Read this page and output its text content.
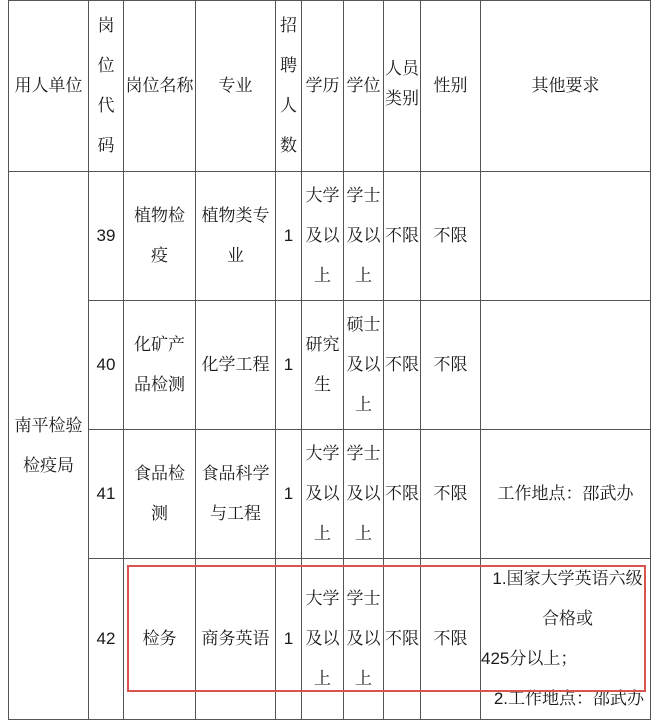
用人单位	岗位代码	岗位名称	专业	招聘人数	学历	学位	人员类别	性别	其他要求
南平检验检疫局	39	植物检疫	植物类专业	1	大学及以上	学士及以上	不限	不限	
	40	化矿产品检测	化学工程	1	研究生	硕士及以上	不限	不限	
	41	食品检测	食品科学与工程	1	大学及以上	学士及以上	不限	不限	工作地点：邵武办
	42	检务	商务英语	1	大学及以上	学士及以上	不限	不限	1.国家大学英语六级合格或
425分以上；
2.工作地点：邵武办
